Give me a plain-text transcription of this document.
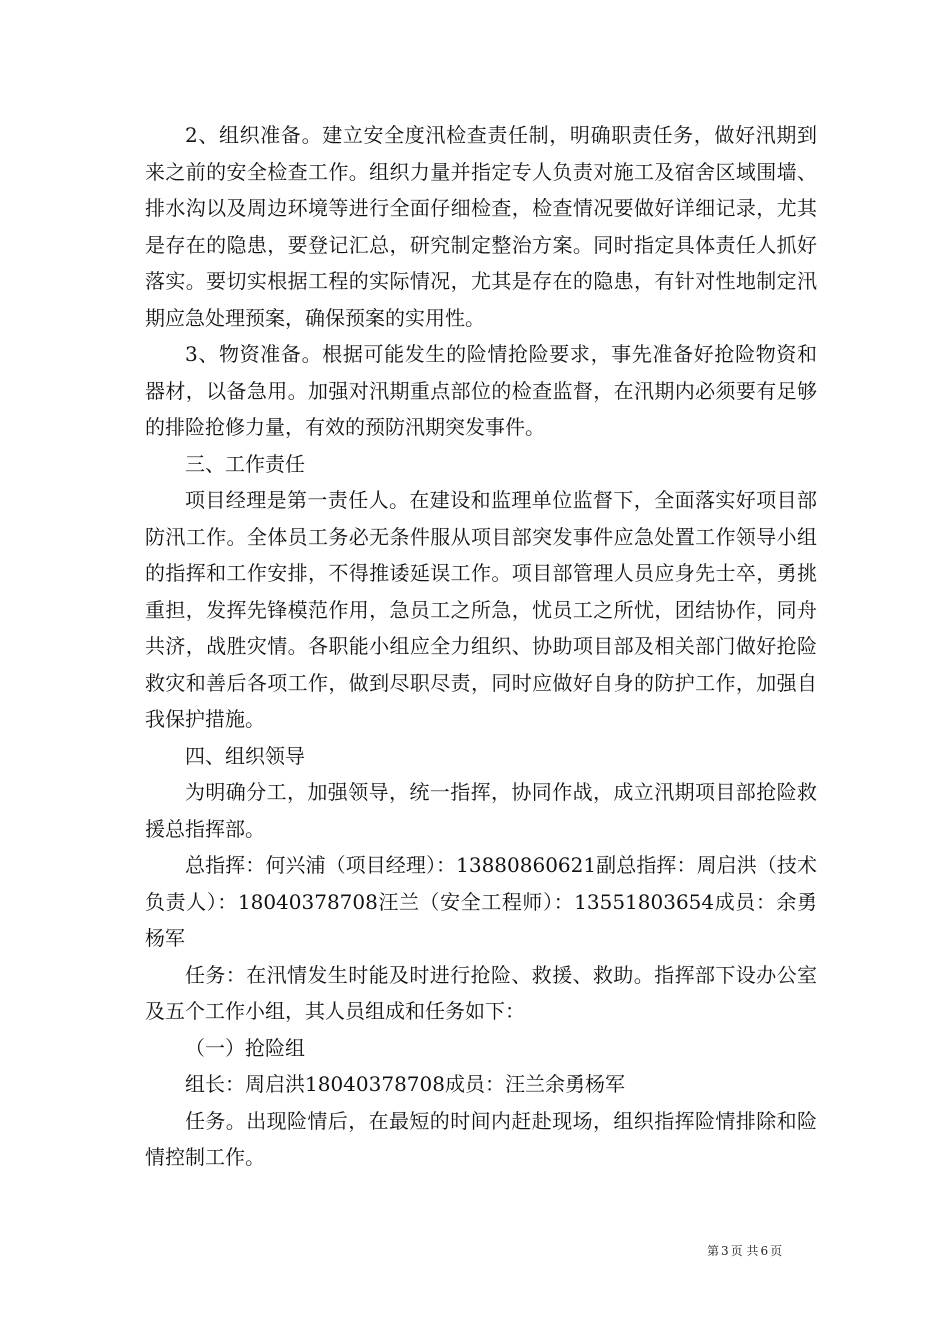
2、组织准备。建立安全度汛检查责任制，明确职责任务，做好汛期到来之前的安全检查工作。组织力量并指定专人负责对施工及宿舍区域围墙、排水沟以及周边环境等进行全面仔细检查，检查情况要做好详细记录，尤其是存在的隐患，要登记汇总，研究制定整治方案。同时指定具体责任人抓好落实。要切实根据工程的实际情况，尤其是存在的隐患，有针对性地制定汛期应急处理预案，确保预案的实用性。

3、物资准备。根据可能发生的险情抢险要求，事先准备好抢险物资和器材，以备急用。加强对汛期重点部位的检查监督，在汛期内必须要有足够的排险抢修力量，有效的预防汛期突发事件。

三、工作责任

项目经理是第一责任人。在建设和监理单位监督下，全面落实好项目部防汛工作。全体员工务必无条件服从项目部突发事件应急处置工作领导小组的指挥和工作安排，不得推诿延误工作。项目部管理人员应身先士卒，勇挑重担，发挥先锋模范作用，急员工之所急，忧员工之所忧，团结协作，同舟共济，战胜灾情。各职能小组应全力组织、协助项目部及相关部门做好抢险救灾和善后各项工作，做到尽职尽责，同时应做好自身的防护工作，加强自我保护措施。

四、组织领导

为明确分工，加强领导，统一指挥，协同作战，成立汛期项目部抢险救援总指挥部。

总指挥：何兴浦（项目经理）：13880860621副总指挥：周启洪（技术负责人）：18040378708汪兰（安全工程师）：13551803654成员：余勇杨军

任务：在汛情发生时能及时进行抢险、救援、救助。指挥部下设办公室及五个工作小组，其人员组成和任务如下：

（一）抢险组

组长：周启洪18040378708成员：汪兰余勇杨军

任务。出现险情后，在最短的时间内赶赴现场，组织指挥险情排除和险情控制工作。

第 3 页 共 6 页
